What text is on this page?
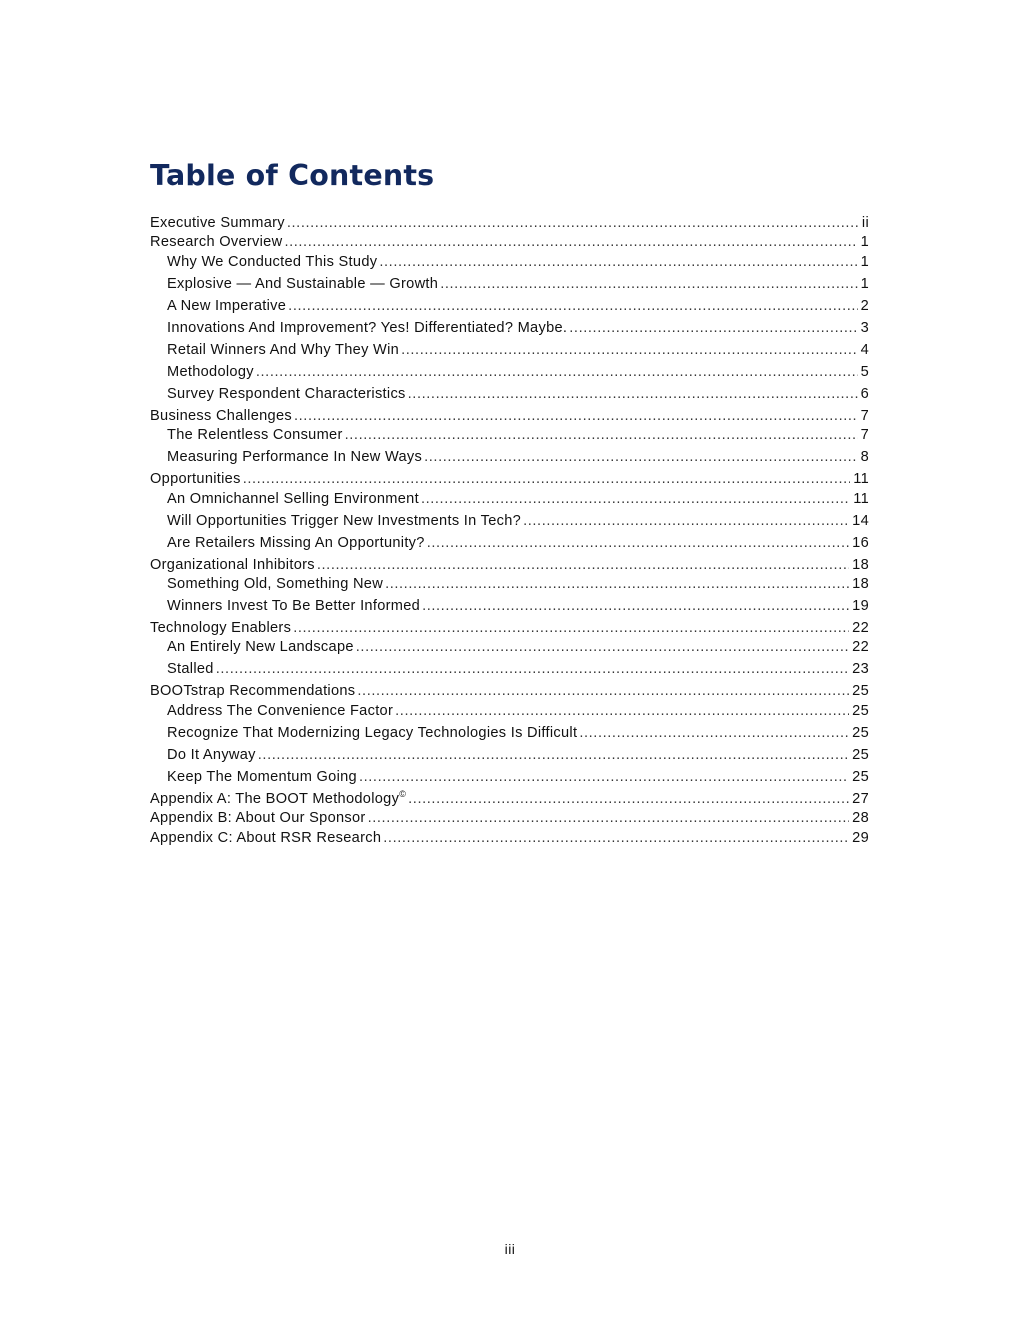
Table of Contents
Executive Summary .....	ii
Research Overview .....	1
Why We Conducted This Study .....	1
Explosive — And Sustainable — Growth .....	1
A New Imperative .....	2
Innovations And Improvement? Yes! Differentiated? Maybe. .....	3
Retail Winners And Why They Win .....	4
Methodology .....	5
Survey Respondent Characteristics .....	6
Business Challenges .....	7
The Relentless Consumer .....	7
Measuring Performance In New Ways .....	8
Opportunities .....	11
An Omnichannel Selling Environment .....	11
Will Opportunities Trigger New Investments In Tech? .....	14
Are Retailers Missing An Opportunity? .....	16
Organizational Inhibitors .....	18
Something Old, Something New .....	18
Winners Invest To Be Better Informed .....	19
Technology Enablers .....	22
An Entirely New Landscape .....	22
Stalled .....	23
BOOTstrap Recommendations .....	25
Address The Convenience Factor .....	25
Recognize That Modernizing Legacy Technologies Is Difficult .....	25
Do It Anyway .....	25
Keep The Momentum Going .....	25
Appendix A: The BOOT Methodology© .....	27
Appendix B: About Our Sponsor .....	28
Appendix C: About RSR Research .....	29
iii
